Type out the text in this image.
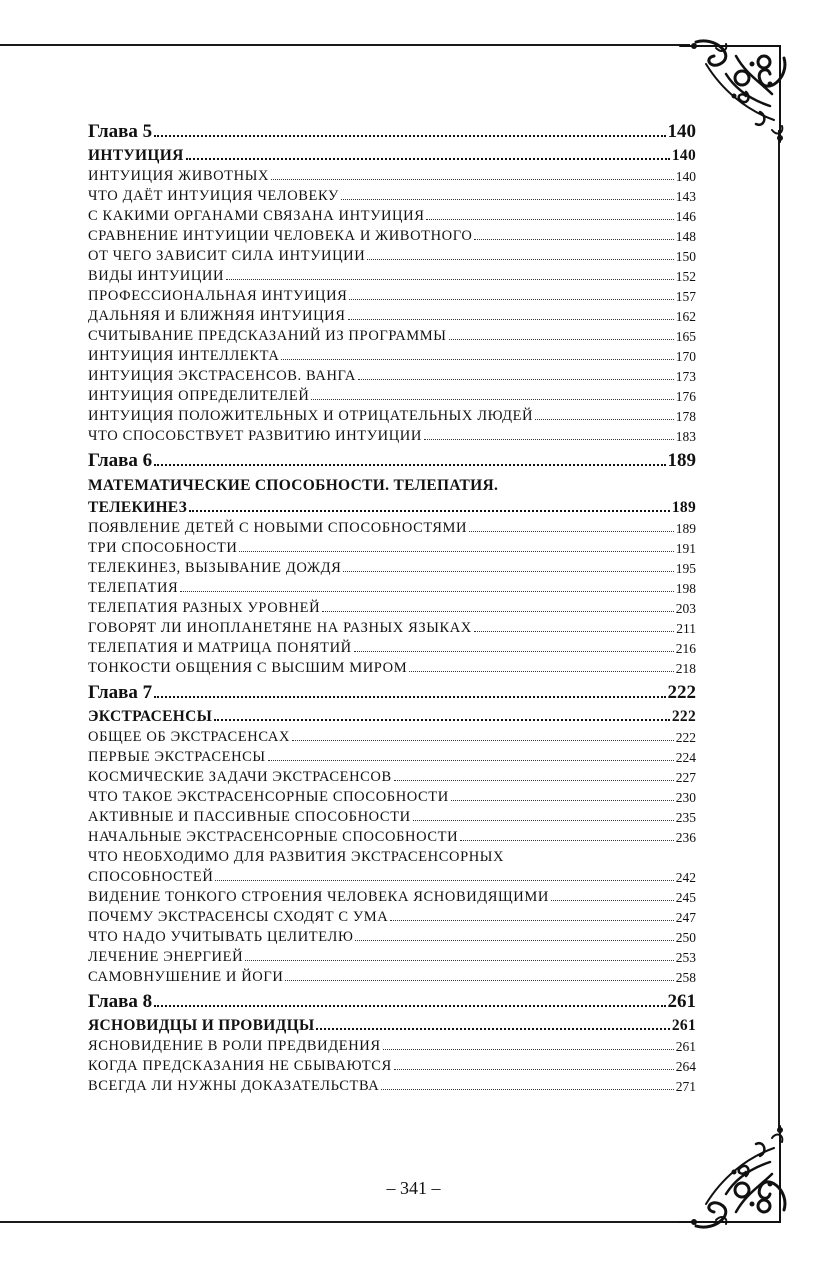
Глава 5	140
ИНТУИЦИЯ	140
ИНТУИЦИЯ ЖИВОТНЫХ	140
ЧТО ДАЁТ ИНТУИЦИЯ ЧЕЛОВЕКУ	143
С КАКИМИ ОРГАНАМИ СВЯЗАНА ИНТУИЦИЯ	146
СРАВНЕНИЕ ИНТУИЦИИ ЧЕЛОВЕКА И ЖИВОТНОГО	148
ОТ ЧЕГО ЗАВИСИТ СИЛА ИНТУИЦИИ	150
ВИДЫ ИНТУИЦИИ	152
ПРОФЕССИОНАЛЬНАЯ ИНТУИЦИЯ	157
ДАЛЬНЯЯ И БЛИЖНЯЯ ИНТУИЦИЯ	162
СЧИТЫВАНИЕ ПРЕДСКАЗАНИЙ ИЗ ПРОГРАММЫ	165
ИНТУИЦИЯ ИНТЕЛЛЕКТА	170
ИНТУИЦИЯ ЭКСТРАСЕНСОВ. ВАНГА	173
ИНТУИЦИЯ ОПРЕДЕЛИТЕЛЕЙ	176
ИНТУИЦИЯ ПОЛОЖИТЕЛЬНЫХ И ОТРИЦАТЕЛЬНЫХ ЛЮДЕЙ	178
ЧТО СПОСОБСТВУЕТ РАЗВИТИЮ ИНТУИЦИИ	183
Глава 6	189
МАТЕМАТИЧЕСКИЕ СПОСОБНОСТИ. ТЕЛЕПАТИЯ.
ТЕЛЕКИНЕЗ	189
ПОЯВЛЕНИЕ ДЕТЕЙ С НОВЫМИ СПОСОБНОСТЯМИ	189
ТРИ СПОСОБНОСТИ	191
ТЕЛЕКИНЕЗ, ВЫЗЫВАНИЕ ДОЖДЯ	195
ТЕЛЕПАТИЯ	198
ТЕЛЕПАТИЯ РАЗНЫХ УРОВНЕЙ	203
ГОВОРЯТ ЛИ ИНОПЛАНЕТЯНЕ НА РАЗНЫХ ЯЗЫКАХ	211
ТЕЛЕПАТИЯ И МАТРИЦА ПОНЯТИЙ	216
ТОНКОСТИ ОБЩЕНИЯ С ВЫСШИМ МИРОМ	218
Глава 7	222
ЭКСТРАСЕНСЫ	222
ОБЩЕЕ ОБ ЭКСТРАСЕНСАХ	222
ПЕРВЫЕ ЭКСТРАСЕНСЫ	224
КОСМИЧЕСКИЕ ЗАДАЧИ ЭКСТРАСЕНСОВ	227
ЧТО ТАКОЕ ЭКСТРАСЕНСОРНЫЕ СПОСОБНОСТИ	230
АКТИВНЫЕ И ПАССИВНЫЕ СПОСОБНОСТИ	235
НАЧАЛЬНЫЕ ЭКСТРАСЕНСОРНЫЕ СПОСОБНОСТИ	236
ЧТО НЕОБХОДИМО ДЛЯ РАЗВИТИЯ ЭКСТРАСЕНСОРНЫХ
СПОСОБНОСТЕЙ	242
ВИДЕНИЕ ТОНКОГО СТРОЕНИЯ ЧЕЛОВЕКА ЯСНОВИДЯЩИМИ	245
ПОЧЕМУ ЭКСТРАСЕНСЫ СХОДЯТ С УМА	247
ЧТО НАДО УЧИТЫВАТЬ ЦЕЛИТЕЛЮ	250
ЛЕЧЕНИЕ ЭНЕРГИЕЙ	253
САМОВНУШЕНИЕ И ЙОГИ	258
Глава 8	261
ЯСНОВИДЦЫ И ПРОВИДЦЫ	261
ЯСНОВИДЕНИЕ В РОЛИ ПРЕДВИДЕНИЯ	261
КОГДА ПРЕДСКАЗАНИЯ НЕ СБЫВАЮТСЯ	264
ВСЕГДА ЛИ НУЖНЫ ДОКАЗАТЕЛЬСТВА	271
– 341 –
